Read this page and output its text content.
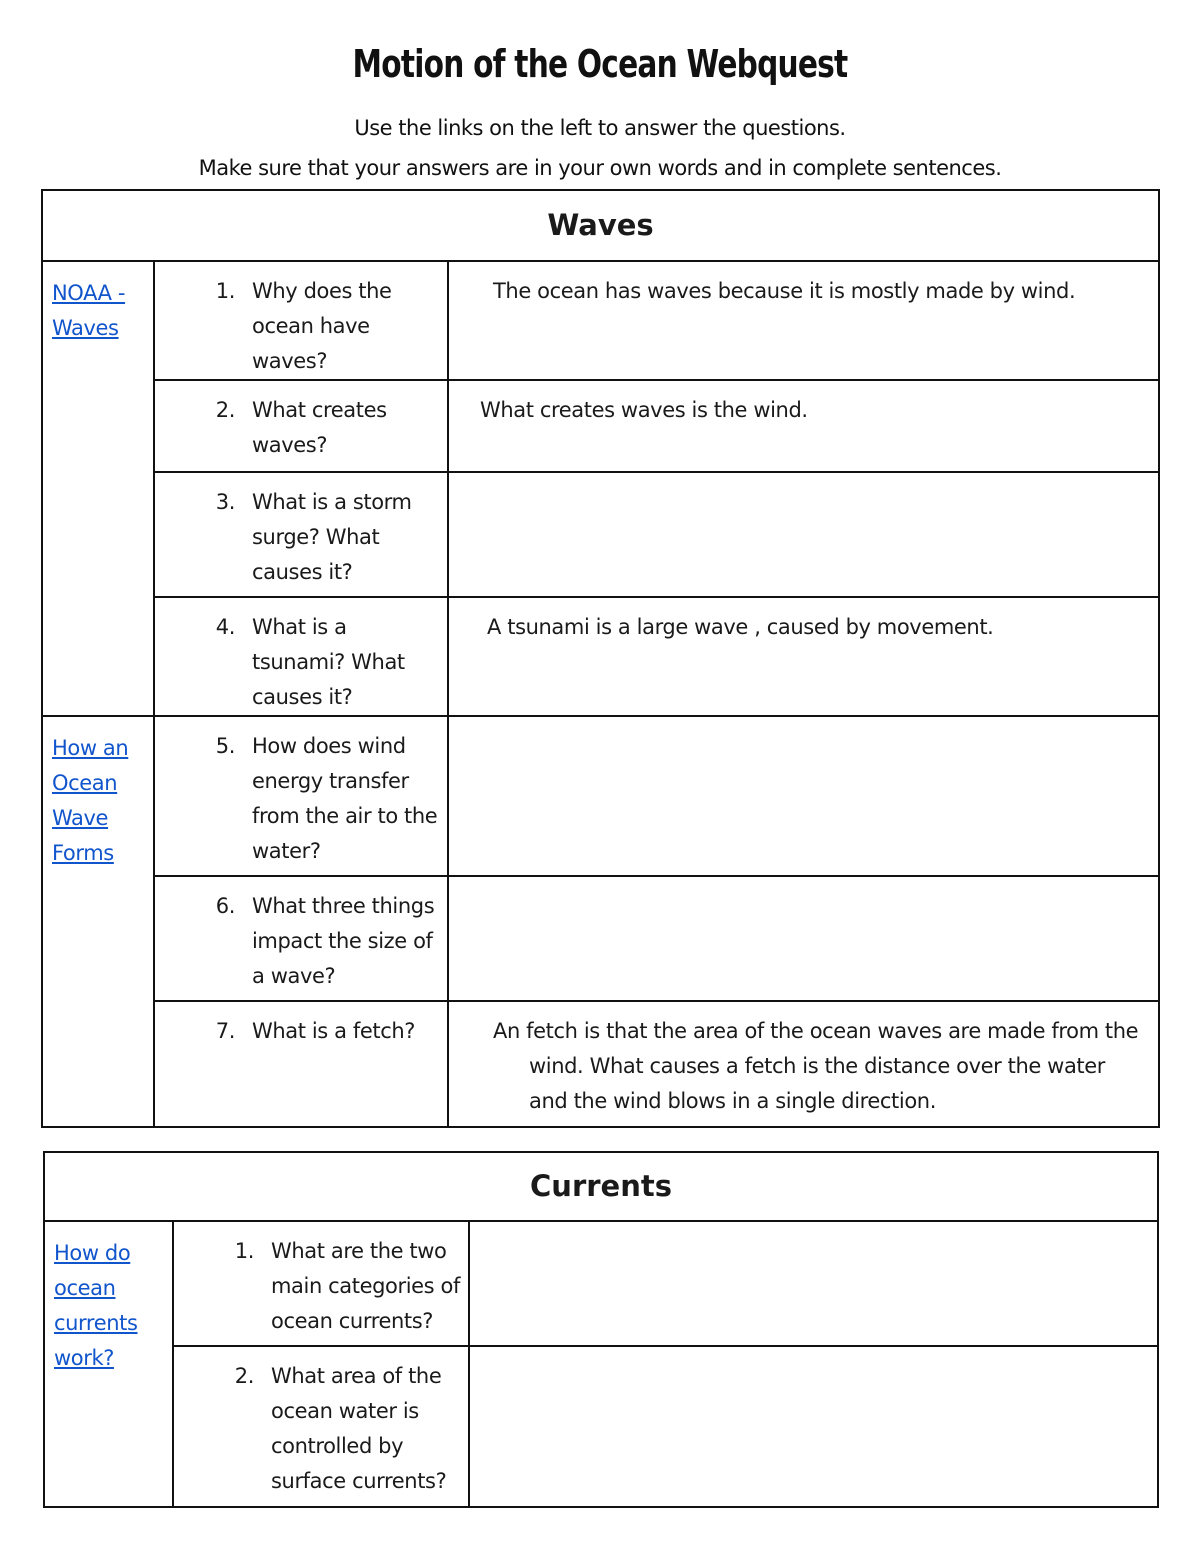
Motion of the Ocean Webquest
Use the links on the left to answer the questions.
Make sure that your answers are in your own words and in complete sentences.
Waves		

NOAA - Waves	1. Why does the ocean have waves?	The ocean has waves because it is mostly made by wind.

	2. What creates waves?	What creates waves is the wind.

	3. What is a storm surge? What causes it?	

	4. What is a tsunami? What causes it?	A tsunami is a large wave , caused by movement.

How an Ocean Wave Forms	5. How does wind energy transfer from the air to the water?	

	6. What three things impact the size of a wave?	

	7. What is a fetch?	An fetch is that the area of the ocean waves are made from the wind. What causes a fetch is the distance over the water and the wind blows in a single direction.
Currents		

How do ocean currents work?	1. What are the two main categories of ocean currents?	

	2. What area of the ocean water is controlled by surface currents?	
